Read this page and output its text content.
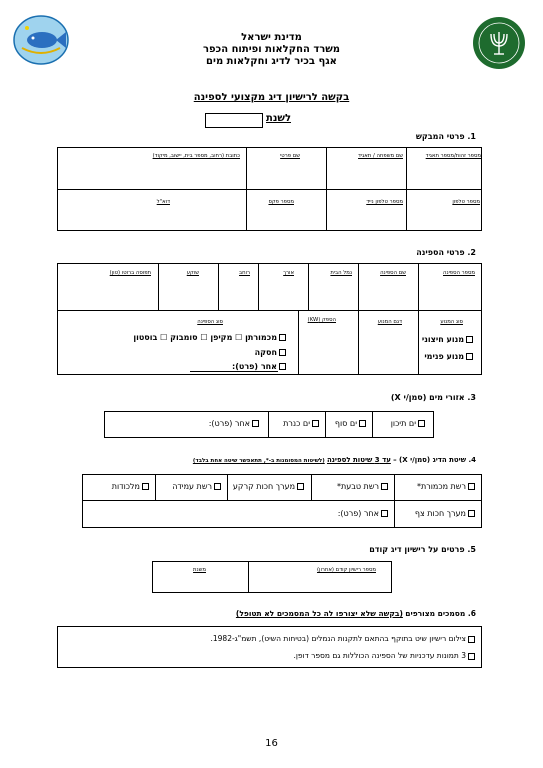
מדינת ישראל
משרד החקלאות ופיתוח הכפר
אגף בכיר לדיג וחקלאות מים
בקשה לרישיון דיג מקצועי לספינה
לשנת
1. פרטי המבקש
מספר זהות/מספר תאגיד
שם משפחה / תאגיד
שם פרטי
כתובת (רחוב, מספר בית, יישוב, מיקוד)
מספר טלפון
מספר טלפון נייד
מספר פקס
דוא"ל
2. פרטי הספינה
מספר הספינה
שם הספינה
נמל הבית
אורך
רוחב
שוקע
תפוסה ברוטו (טון)
סוג המנוע
דגם המנוע
הספק (KW)
סוג הספינה
מנוע חיצוני
מנוע פנימי
מכמורתן ☐ מקיפן ☐ סומבוק ☐ בוסטון
חסקה
אחר (פרט):
3. אזורי מים (סמן/י X)
ים תיכון
ים סוף
ים כנרת
אחר (פרט):
4. שיטת הדיג (סמן/י X) – עד 3 שיטות לספינה (לשיטות המסומנות ב-*, תתאפשר שיטה אחת בלבד)
רשת מכמורת*
רשת טבעת*
מערך חכות קרקע
רשת עמידה
מלכודות
מערך חכות צף
אחר (פרט):
5. פרטים על רישיון דיג קודם
מספר רישיון קודם (אחרון)
משנת
6. מסמכים מצורפים (בקשה שלא יצורפו לה כל המסמכים לא תטופל)
צילום רישיון שיט בתוקף בהתאם לתקנות הנמלים (בטיחות השיט), תשמ"ג-1982.
3 תמונות עדכניות של הספינה הכוללות גם מספר דופן.
16
